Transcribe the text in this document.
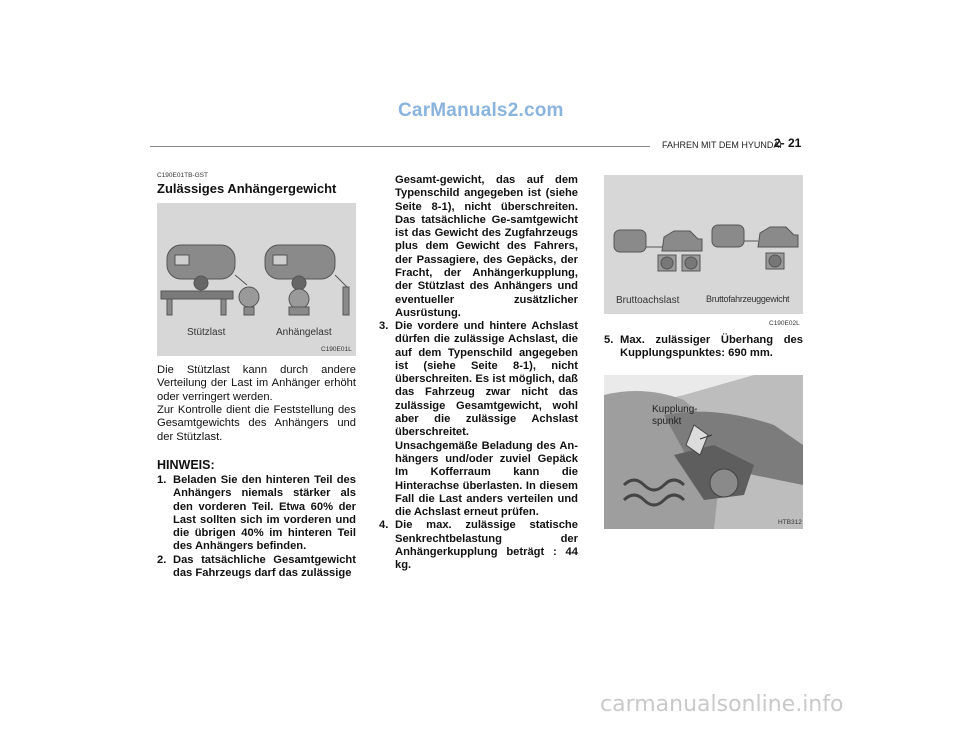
CarManuals2.com
FAHREN MIT DEM HYUNDAI
2- 21
C190E01TB-GST
Zulässiges Anhängergewicht
Stützlast	Anhängelast
C190E01L
Die Stützlast kann durch andere Verteilung der Last im Anhänger erhöht oder verringert werden.
Zur Kontrolle dient die Feststellung des Gesamtgewichts des Anhängers und der Stützlast.
HINWEIS:
1. Beladen Sie den hinteren Teil des Anhängers niemals stärker als den vorderen Teil. Etwa 60% der Last sollten sich im vorderen und die übrigen 40% im hinteren Teil des Anhängers befinden.
2. Das tatsächliche Gesamtgewicht das Fahrzeugs darf das zulässige
Gesamt-gewicht, das auf dem Typenschild angegeben ist (siehe Seite 8-1), nicht überschreiten. Das tatsächliche Ge-samtgewicht ist das Gewicht des Zugfahrzeugs plus dem Gewicht des Fahrers, der Passagiere, des Gepäcks, der Fracht, der Anhängerkupplung, der Stützlast des Anhängers und eventueller zusätzlicher Ausrüstung.
3. Die vordere und hintere Achslast dürfen die zulässige Achslast, die auf dem Typenschild angegeben ist (siehe Seite 8-1), nicht überschreiten. Es ist möglich, daß das Fahrzeug zwar nicht das zulässige Gesamtgewicht, wohl aber die zulässige Achslast überschreitet.
Unsachgemäße Beladung des An-hängers und/oder zuviel Gepäck Im Kofferraum kann die Hinterachse überlasten. In diesem Fall die Last anders verteilen und die Achslast erneut prüfen.
4. Die max. zulässige statische Senkrechtbelastung der Anhängerkupplung beträgt : 44 kg.
Bruttoachslast	Bruttofahrzeuggewicht
C190E02L
5. Max. zulässiger Überhang des Kupplungspunktes: 690 mm.
Kupplung-
spunkt
HTB312
carmanualsonline.info
